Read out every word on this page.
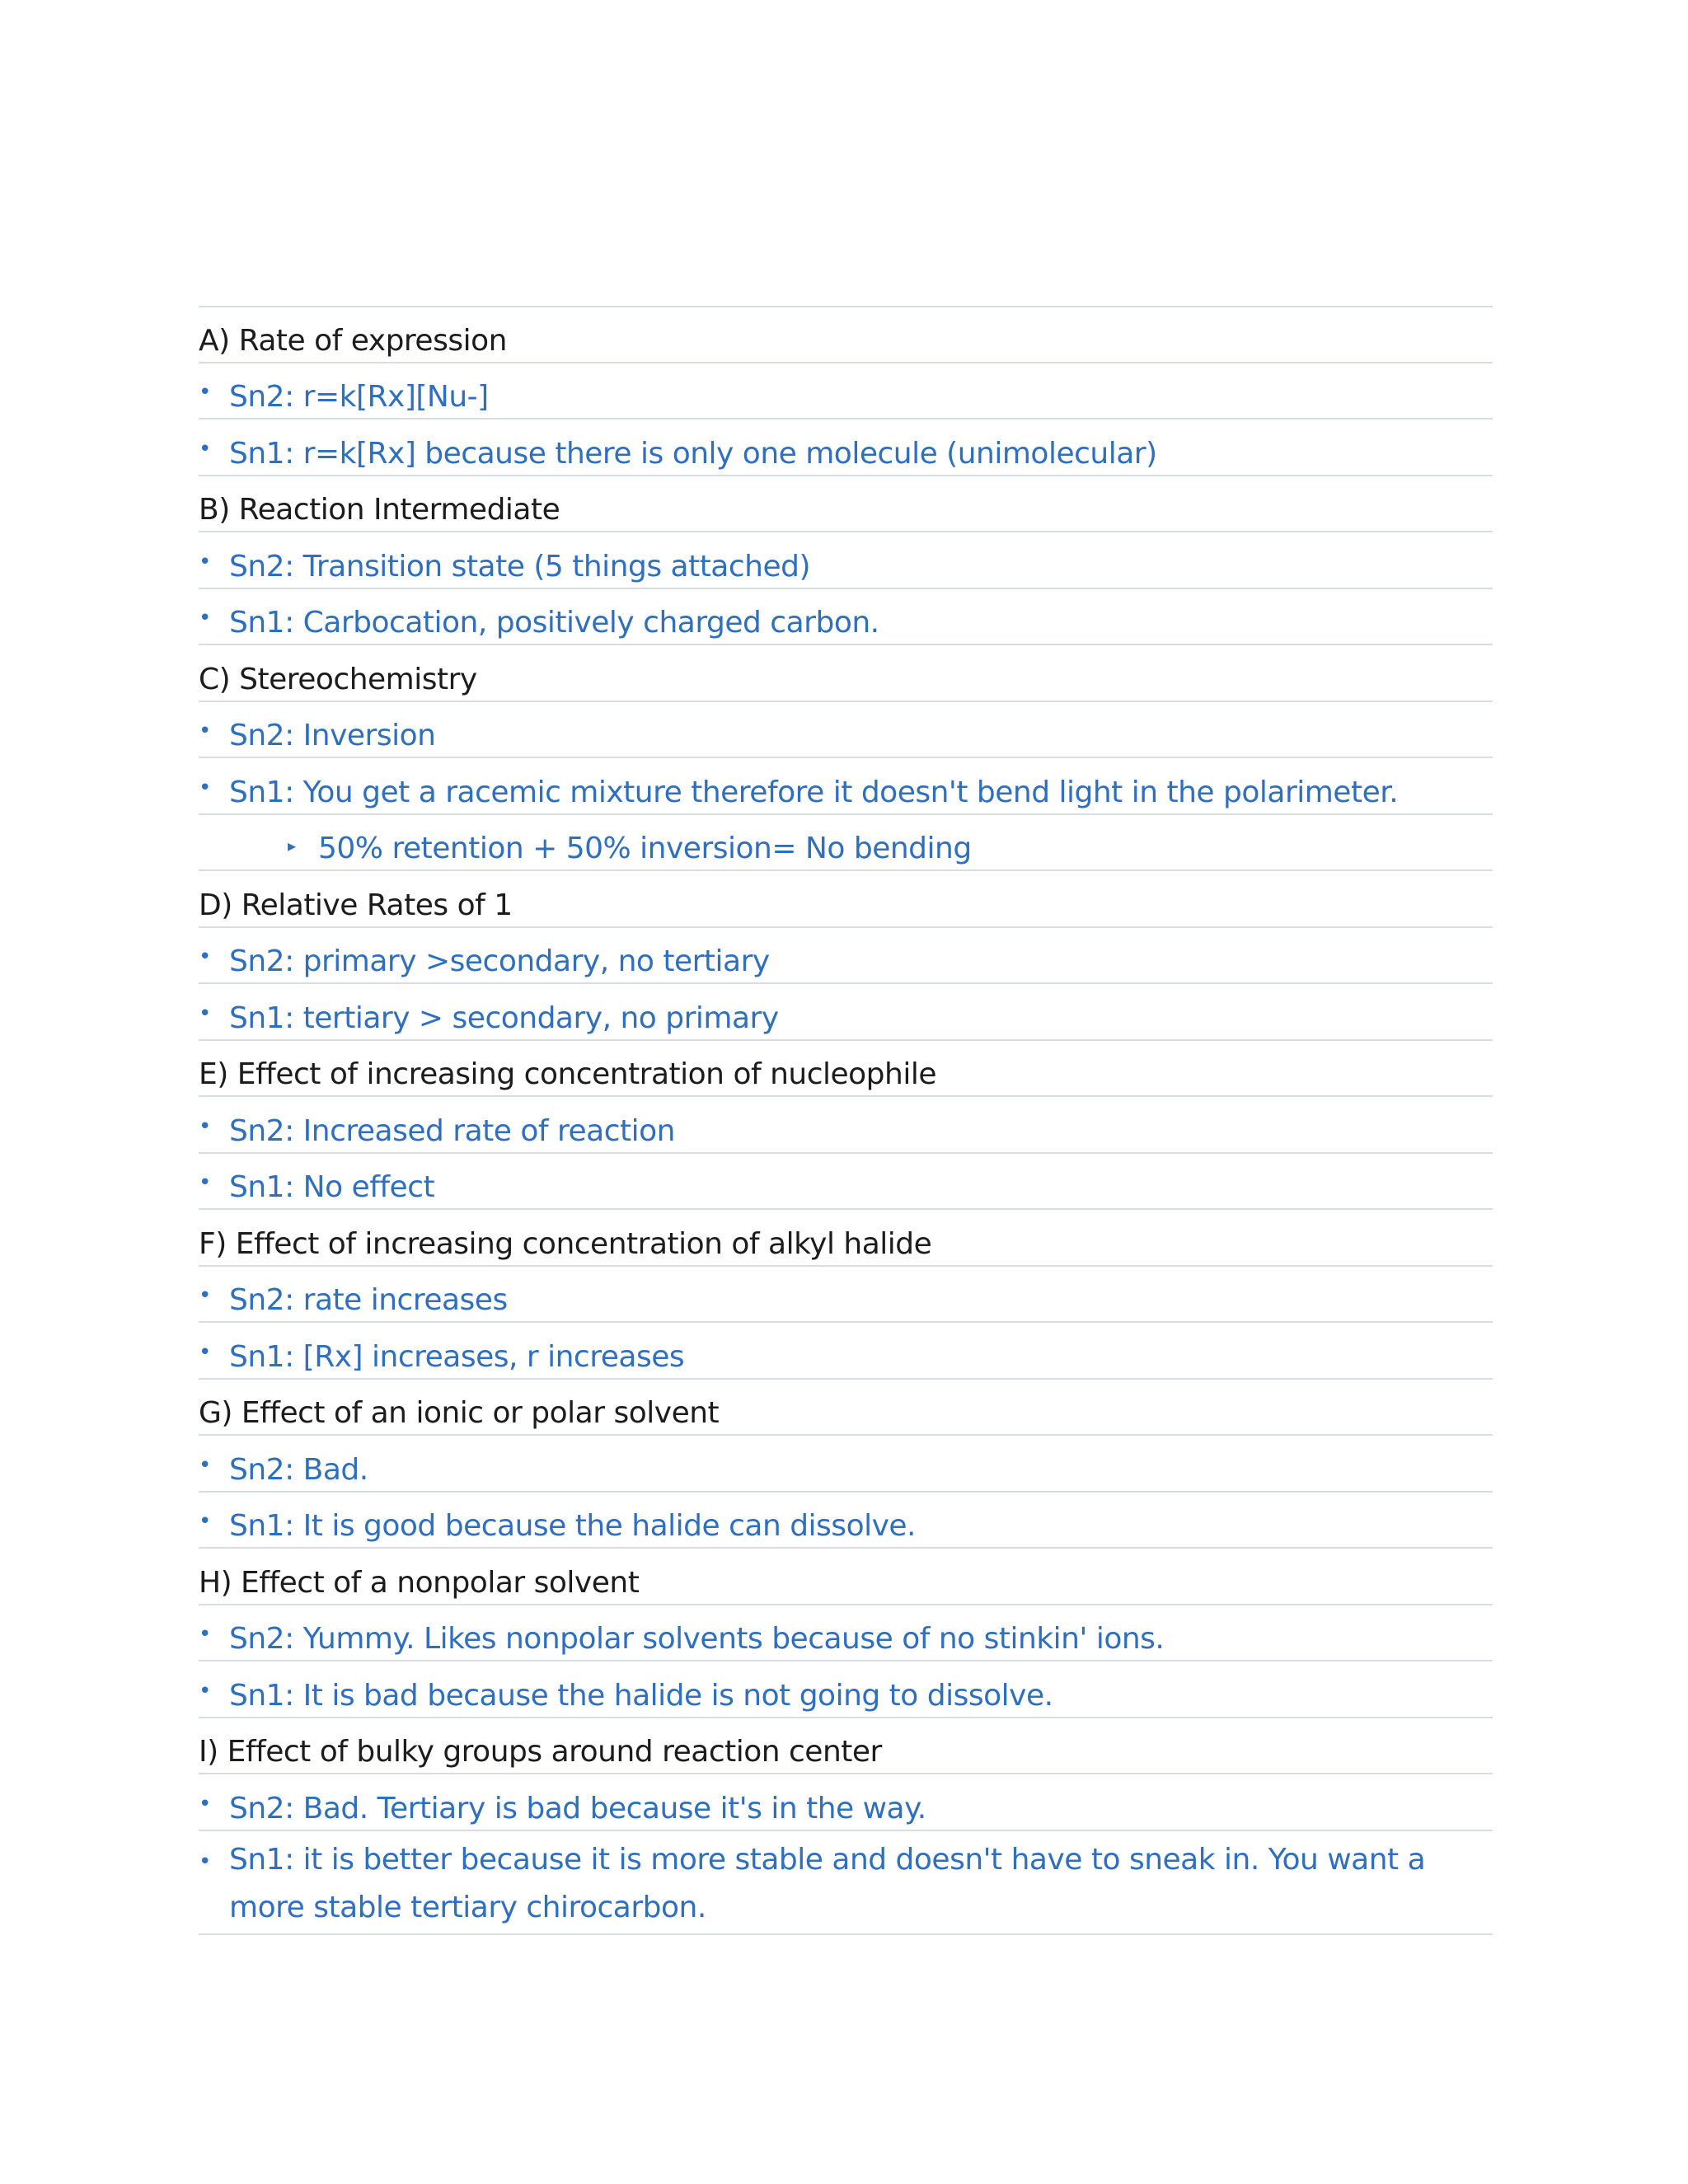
A) Rate of expression
• Sn2: r=k[Rx][Nu-]
• Sn1: r=k[Rx] because there is only one molecule (unimolecular)
B) Reaction Intermediate
• Sn2: Transition state (5 things attached)
• Sn1: Carbocation, positively charged carbon.
C) Stereochemistry
• Sn2: Inversion
• Sn1: You get a racemic mixture therefore it doesn't bend light in the polarimeter.
▸ 50% retention + 50% inversion= No bending
D) Relative Rates of 1
• Sn2: primary >secondary, no tertiary
• Sn1: tertiary > secondary, no primary
E) Effect of increasing concentration of nucleophile
• Sn2: Increased rate of reaction
• Sn1: No effect
F) Effect of increasing concentration of alkyl halide
• Sn2: rate increases
• Sn1: [Rx] increases, r increases
G) Effect of an ionic or polar solvent
• Sn2: Bad.
• Sn1: It is good because the halide can dissolve.
H) Effect of a nonpolar solvent
• Sn2: Yummy. Likes nonpolar solvents because of no stinkin' ions.
• Sn1: It is bad because the halide is not going to dissolve.
I) Effect of bulky groups around reaction center
• Sn2: Bad. Tertiary is bad because it's in the way.
• Sn1: it is better because it is more stable and doesn't have to sneak in. You want a more stable tertiary chirocarbon.
